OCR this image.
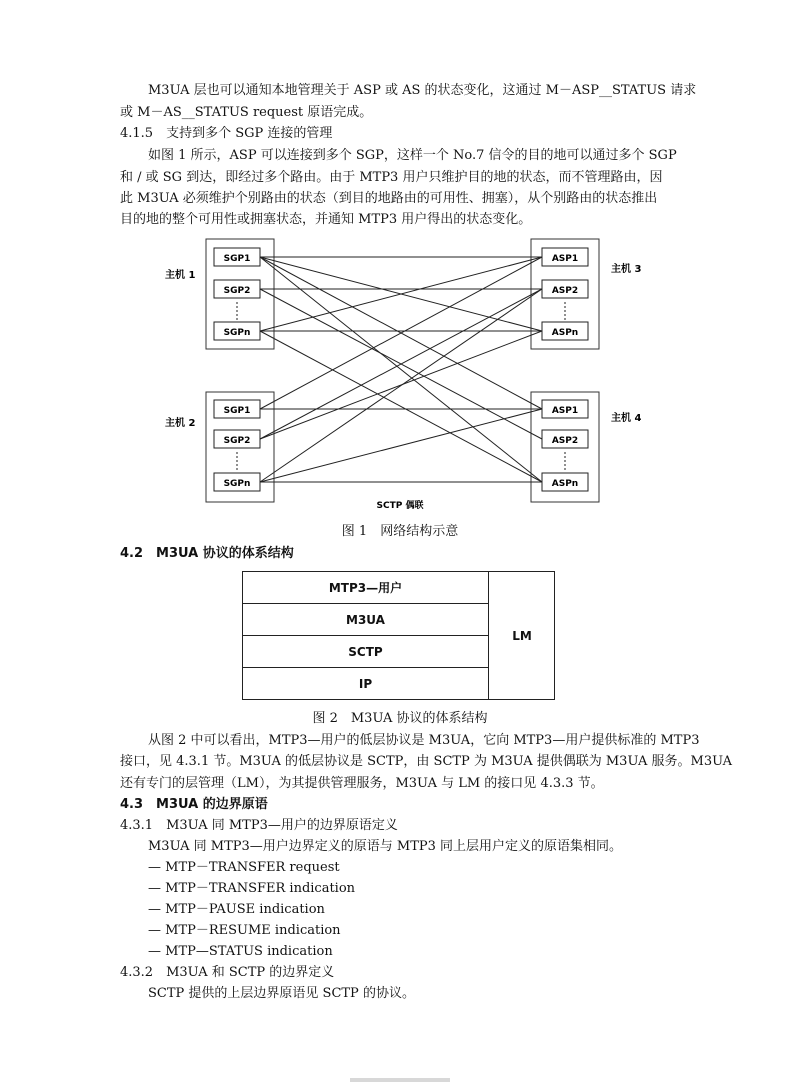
M3UA 层也可以通知本地管理关于 ASP 或 AS 的状态变化，这通过 M－ASP__STATUS 请求
或 M－AS__STATUS request 原语完成。
4.1.5　支持到多个 SGP 连接的管理
如图 1 所示，ASP 可以连接到多个 SGP，这样一个 No.7 信令的目的地可以通过多个 SGP
和 / 或 SG 到达，即经过多个路由。由于 MTP3 用户只维护目的地的状态，而不管理路由，因
此 M3UA 必须维护个别路由的状态（到目的地路由的可用性、拥塞），从个别路由的状态推出
目的地的整个可用性或拥塞状态，并通知 MTP3 用户得出的状态变化。
主机 1
主机 2
主机 3
主机 4
SGP1
SGP2
SGPn
ASP1
ASP2
ASPn
SGP1
SGP2
SGPn
ASP1
ASP2
ASPn
SCTP 偶联
图 1　网络结构示意
4.2　M3UA 协议的体系结构
MTP3—用户
M3UA
SCTP
IP
LM
图 2　M3UA 协议的体系结构
从图 2 中可以看出，MTP3—用户的低层协议是 M3UA，它向 MTP3—用户提供标准的 MTP3
接口，见 4.3.1 节。M3UA 的低层协议是 SCTP，由 SCTP 为 M3UA 提供偶联为 M3UA 服务。M3UA
还有专门的层管理（LM），为其提供管理服务，M3UA 与 LM 的接口见 4.3.3 节。
4.3　M3UA 的边界原语
4.3.1　M3UA 同 MTP3—用户的边界原语定义
M3UA 同 MTP3—用户边界定义的原语与 MTP3 同上层用户定义的原语集相同。
— MTP－TRANSFER request
— MTP－TRANSFER indication
— MTP－PAUSE indication
— MTP－RESUME indication
— MTP—STATUS indication
4.3.2　M3UA 和 SCTP 的边界定义
SCTP 提供的上层边界原语见 SCTP 的协议。
